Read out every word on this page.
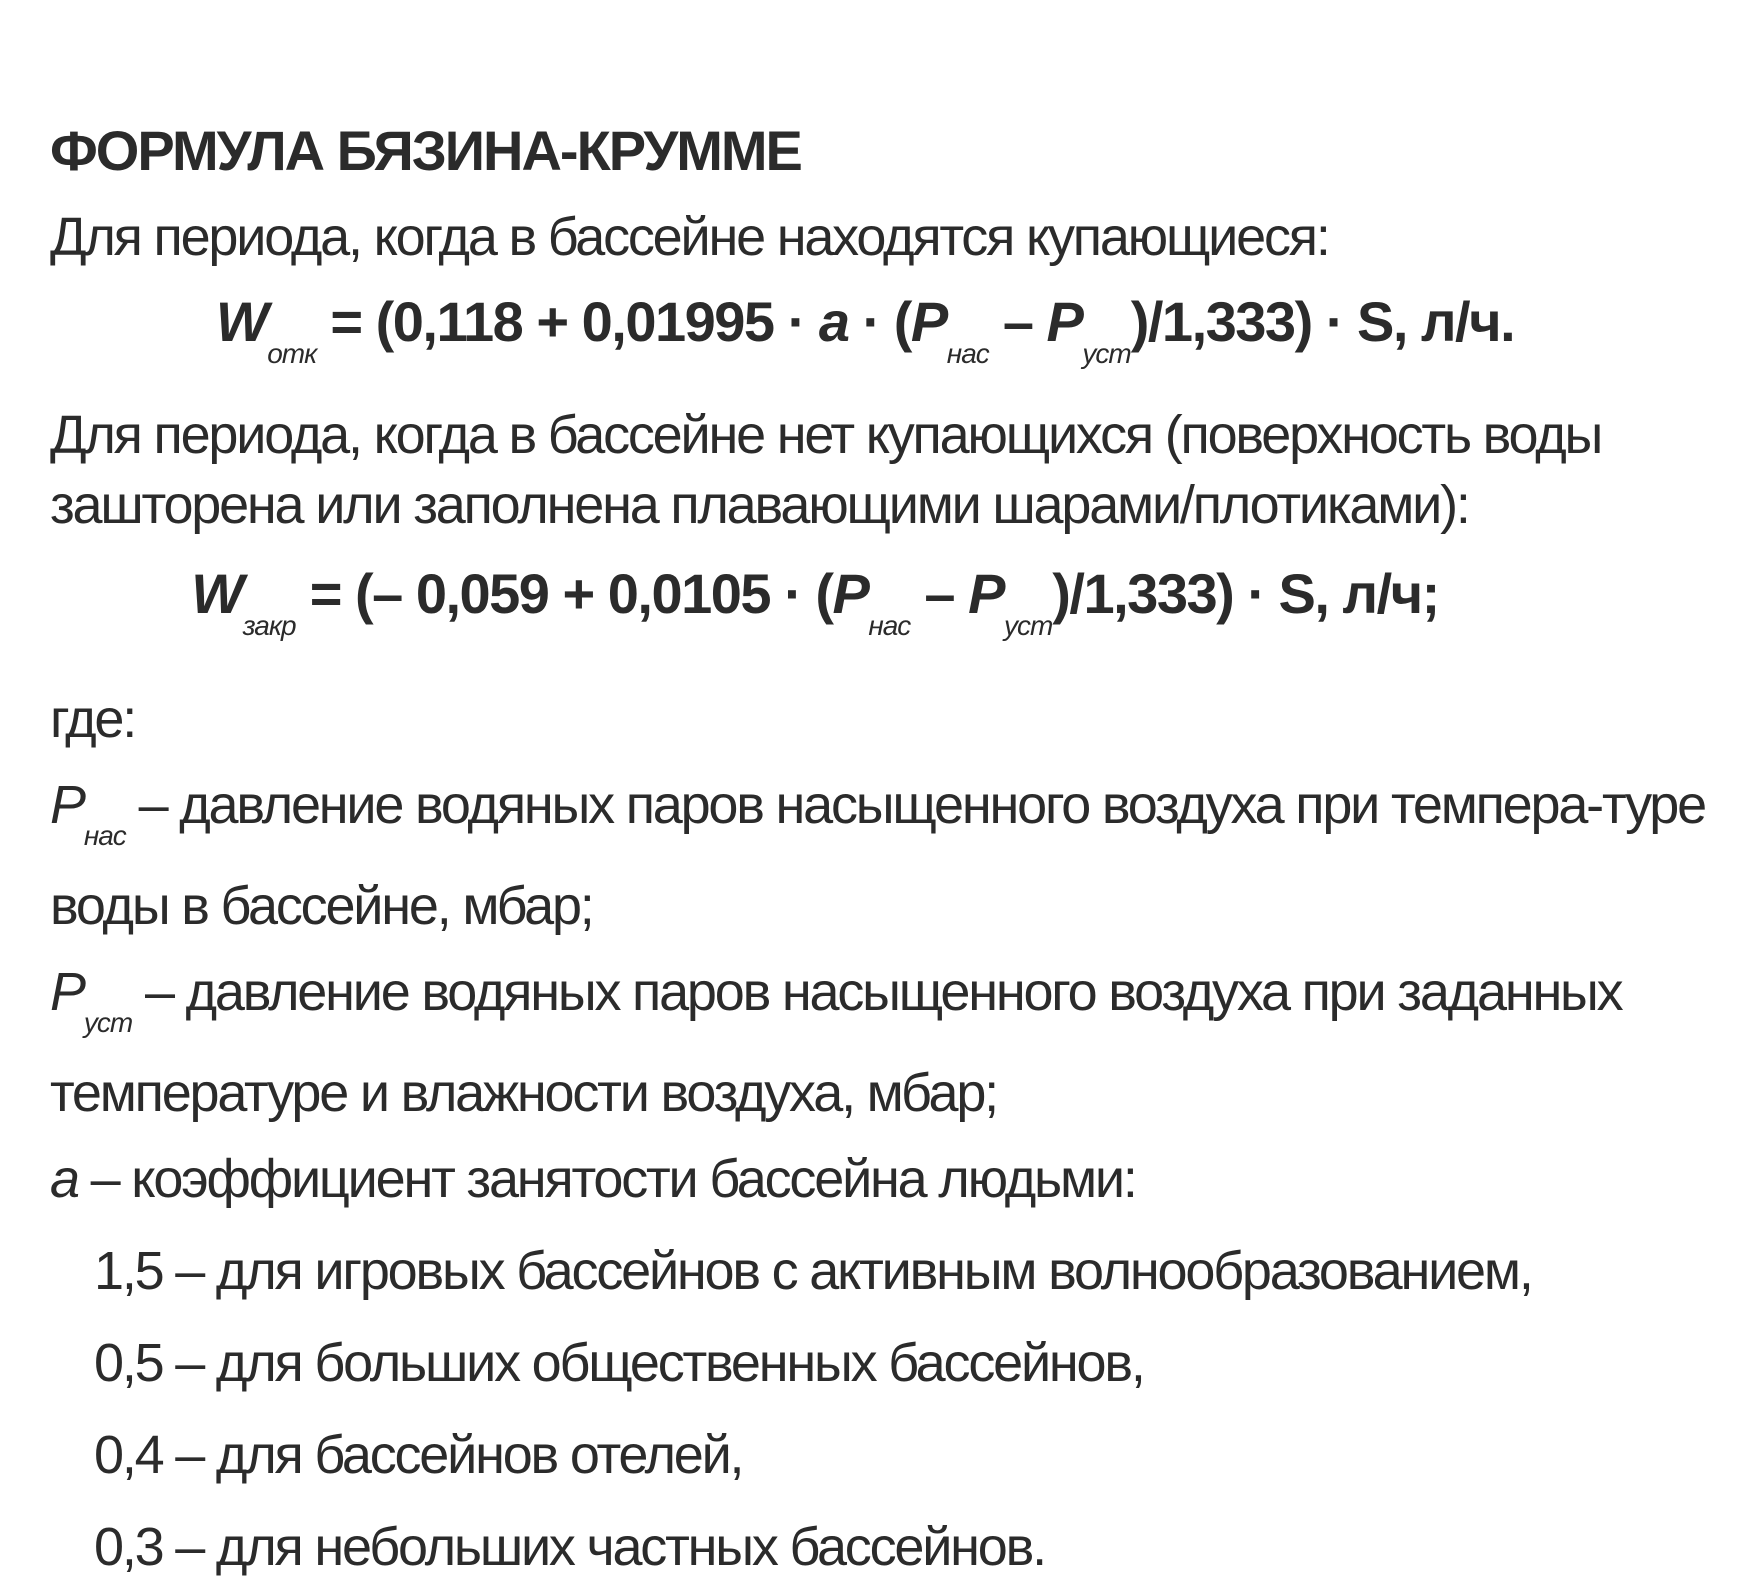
ФОРМУЛА БЯЗИНА-КРУММЕ

Для периода, когда в бассейне находятся купающиеся:

$W_{отк} = (0,118 + 0,01995 \cdot a \cdot (P_{нас} - P_{уст})/1,333) \cdot S$, л/ч.

Для периода, когда в бассейне нет купающихся (поверхность воды зашторена или заполнена плавающими шарами/плотиками):

$W_{закр}$ = (– $0,059 + 0,0105 \cdot (P_{нас} - P_{уст})/1,333) \cdot S$, л/ч;

где:

$P_{нас}$ – давление водяных паров насыщенного воздуха при темпера-туре воды в бассейне, мбар;

$P_{уст}$ – давление водяных паров насыщенного воздуха при заданных температуре и влажности воздуха, мбар;

a – коэффициент занятости бассейна людьми:

1,5 – для игровых бассейнов с активным волнообразованием,
0,5 – для больших общественных бассейнов,
0,4 – для бассейнов отелей,
0,3 – для небольших частных бассейнов.
